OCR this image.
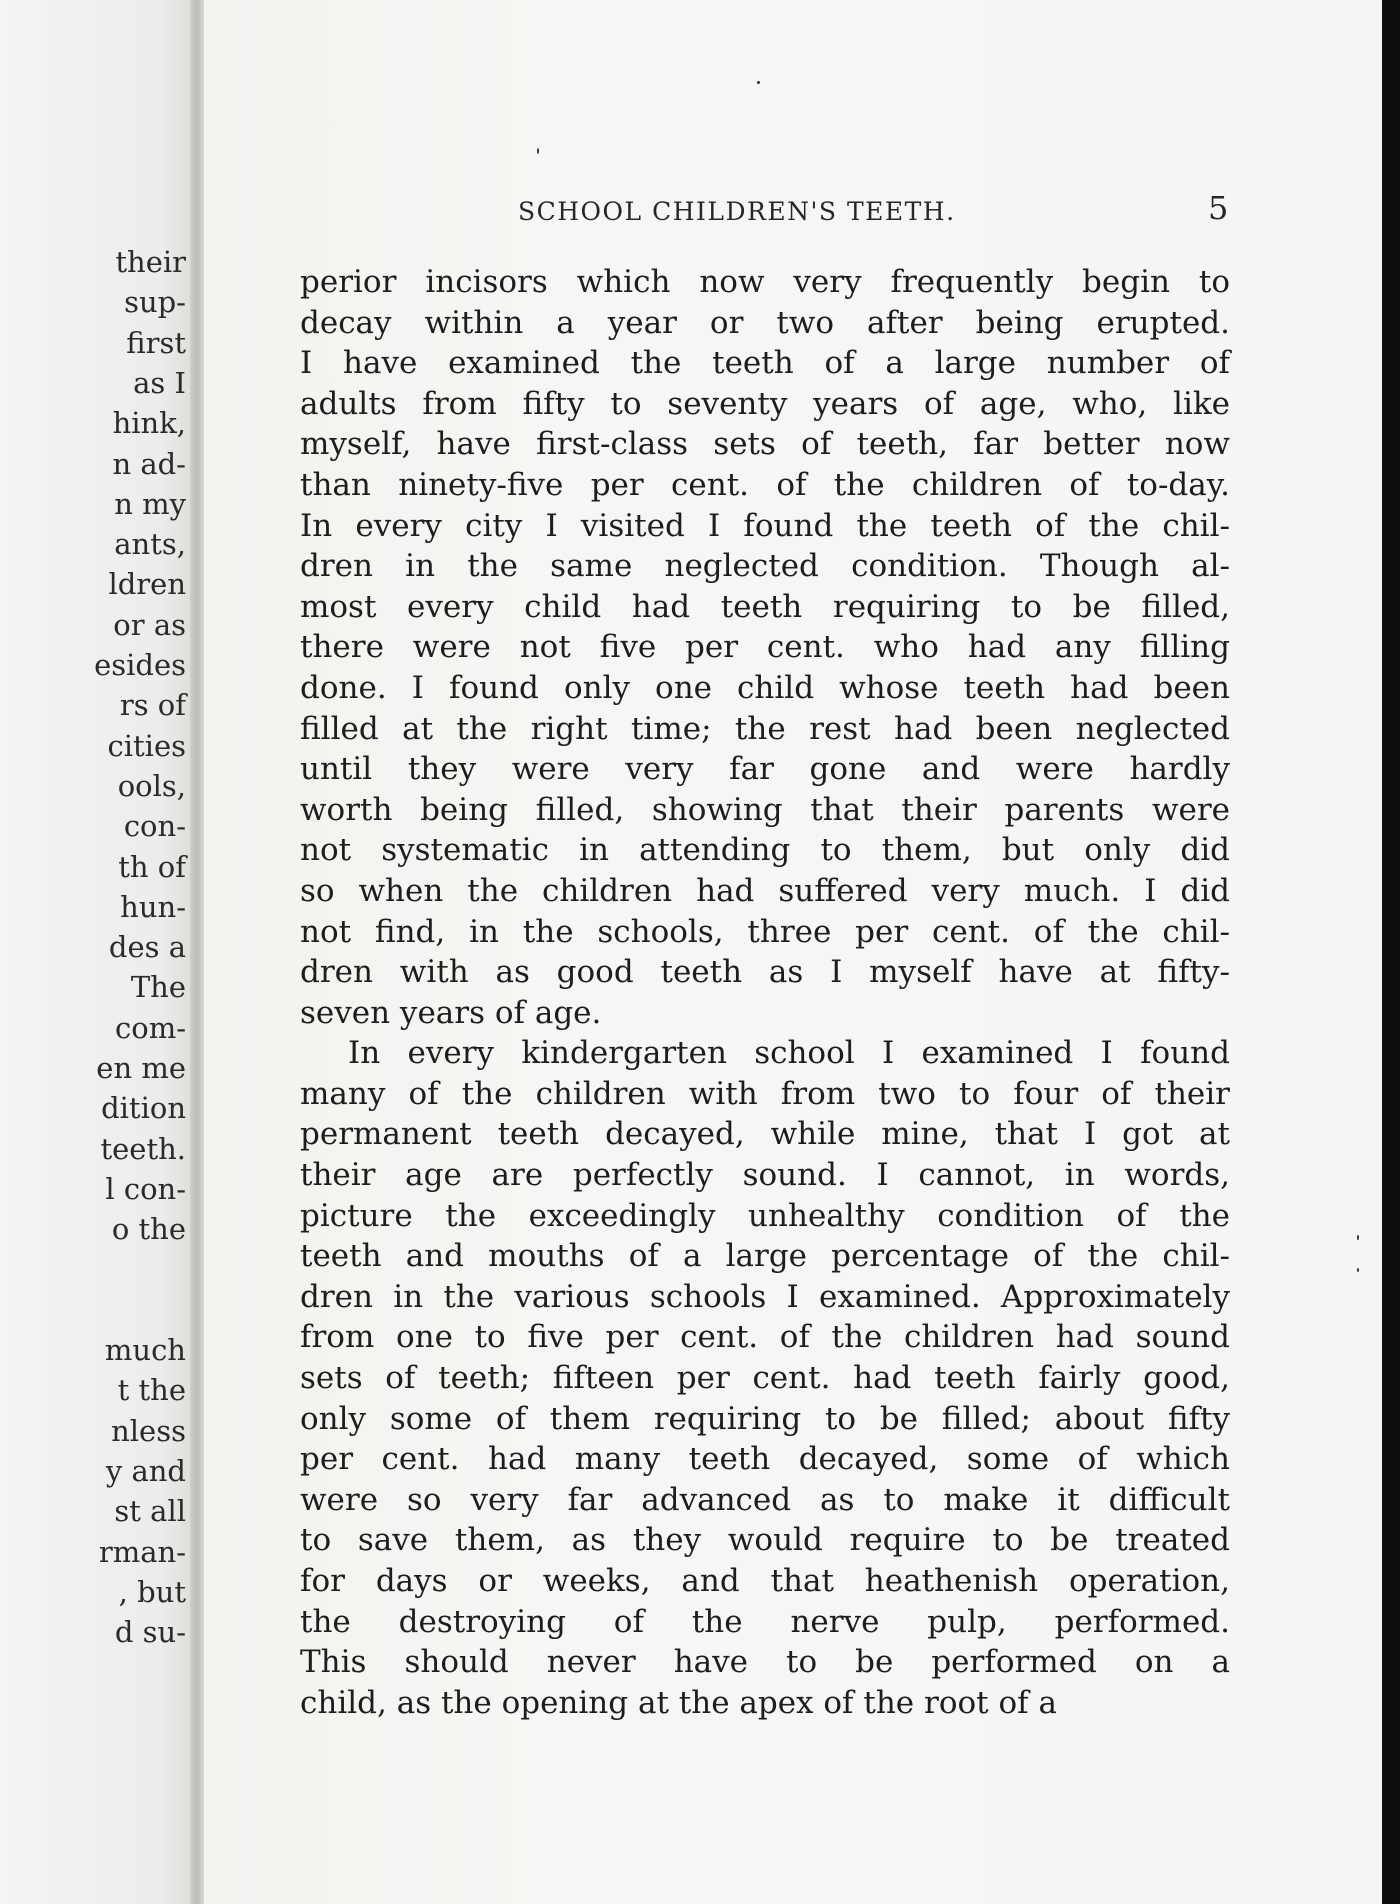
their
sup-
first
as I
hink,
n ad-
n my
ants,
ldren
or as
esides
rs of
cities
ools,
con-
th of
hun-
des a
The
com-
en me
dition
teeth.
l con-
o the
much
t the
nless
y and
st all
rman-
, but
d su-
SCHOOL CHILDREN'S TEETH.	5
perior incisors which now very frequently begin to
decay within a year or two after being erupted.
I have examined the teeth of a large number of
adults from fifty to seventy years of age, who, like
myself, have first-class sets of teeth, far better now
than ninety-five per cent. of the children of to-day.
In every city I visited I found the teeth of the chil-
dren in the same neglected condition. Though al-
most every child had teeth requiring to be filled,
there were not five per cent. who had any filling
done. I found only one child whose teeth had been
filled at the right time; the rest had been neglected
until they were very far gone and were hardly
worth being filled, showing that their parents were
not systematic in attending to them, but only did
so when the children had suffered very much. I did
not find, in the schools, three per cent. of the chil-
dren with as good teeth as I myself have at fifty-
seven years of age.
In every kindergarten school I examined I found
many of the children with from two to four of their
permanent teeth decayed, while mine, that I got at
their age are perfectly sound. I cannot, in words,
picture the exceedingly unhealthy condition of the
teeth and mouths of a large percentage of the chil-
dren in the various schools I examined. Approximately
from one to five per cent. of the children had sound
sets of teeth; fifteen per cent. had teeth fairly good,
only some of them requiring to be filled; about fifty
per cent. had many teeth decayed, some of which
were so very far advanced as to make it difficult
to save them, as they would require to be treated
for days or weeks, and that heathenish operation,
the destroying of the nerve pulp, performed.
This should never have to be performed on a
child, as the opening at the apex of the root of a
